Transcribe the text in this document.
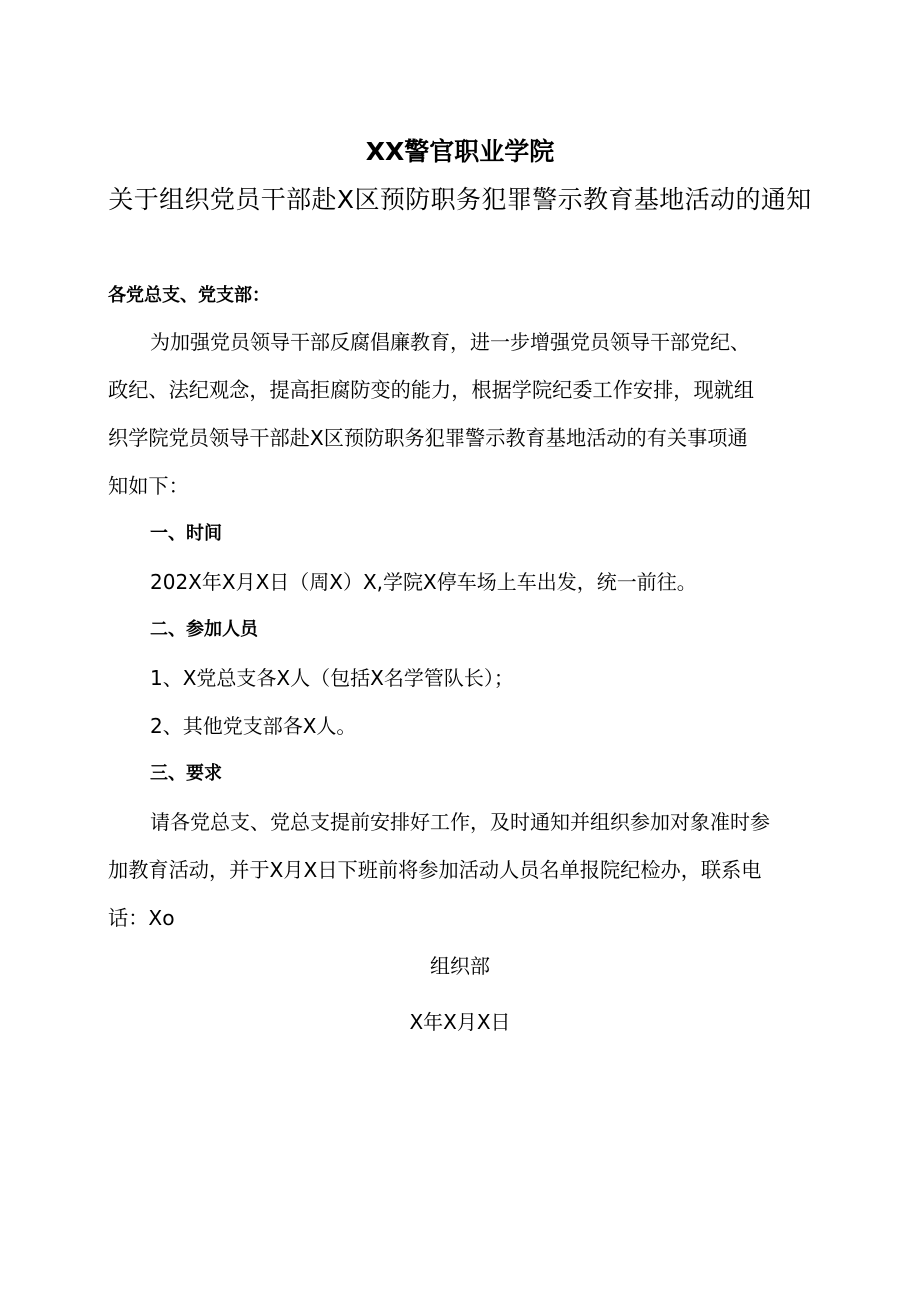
XX警官职业学院
关于组织党员干部赴X区预防职务犯罪警示教育基地活动的通知
各党总支、党支部：
为加强党员领导干部反腐倡廉教育，进一步增强党员领导干部党纪、
政纪、法纪观念，提高拒腐防变的能力，根据学院纪委工作安排，现就组
织学院党员领导干部赴X区预防职务犯罪警示教育基地活动的有关事项通
知如下：
一、时间
202X年X月X日（周X）X,学院X停车场上车出发，统一前往。
二、参加人员
1、X党总支各X人（包括X名学管队长）；
2、其他党支部各X人。
三、要求
请各党总支、党总支提前安排好工作，及时通知并组织参加对象准时参
加教育活动，并于X月X日下班前将参加活动人员名单报院纪检办，联系电
话：Xo
组织部
X年X月X日
